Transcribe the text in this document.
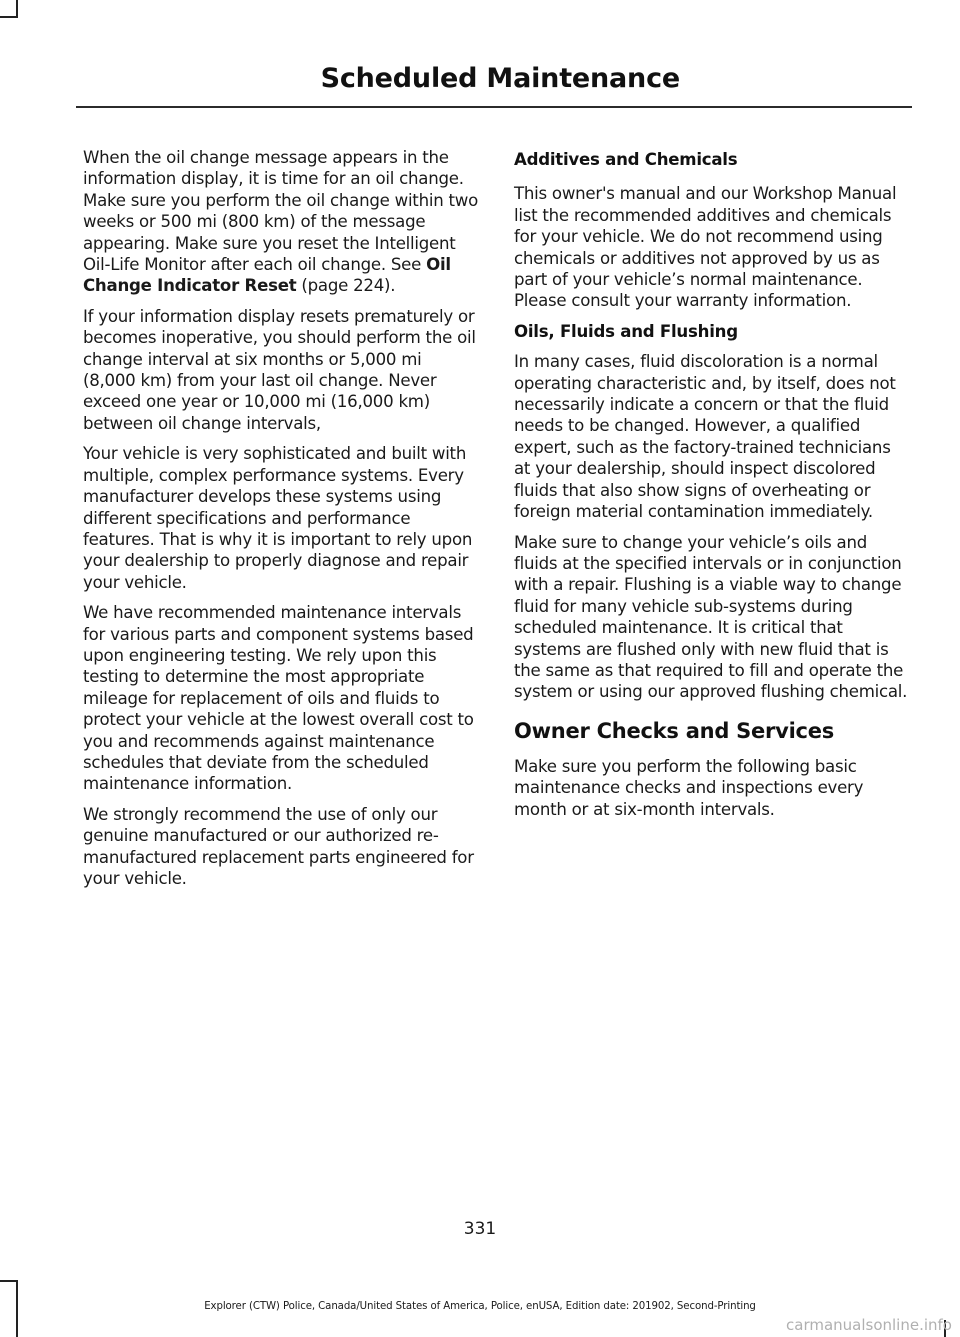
Scheduled Maintenance

When the oil change message appears in the information display, it is time for an oil change. Make sure you perform the oil change within two weeks or 500 mi (800 km) of the message appearing. Make sure you reset the Intelligent Oil-Life Monitor after each oil change. See Oil Change Indicator Reset (page 224).

If your information display resets prematurely or becomes inoperative, you should perform the oil change interval at six months or 5,000 mi (8,000 km) from your last oil change. Never exceed one year or 10,000 mi (16,000 km) between oil change intervals,

Your vehicle is very sophisticated and built with multiple, complex performance systems. Every manufacturer develops these systems using different specifications and performance features. That is why it is important to rely upon your dealership to properly diagnose and repair your vehicle.

We have recommended maintenance intervals for various parts and component systems based upon engineering testing. We rely upon this testing to determine the most appropriate mileage for replacement of oils and fluids to protect your vehicle at the lowest overall cost to you and recommends against maintenance schedules that deviate from the scheduled maintenance information.

We strongly recommend the use of only our genuine manufactured or our authorized re-manufactured replacement parts engineered for your vehicle.

Additives and Chemicals

This owner's manual and our Workshop Manual list the recommended additives and chemicals for your vehicle. We do not recommend using chemicals or additives not approved by us as part of your vehicle’s normal maintenance. Please consult your warranty information.

Oils, Fluids and Flushing

In many cases, fluid discoloration is a normal operating characteristic and, by itself, does not necessarily indicate a concern or that the fluid needs to be changed. However, a qualified expert, such as the factory-trained technicians at your dealership, should inspect discolored fluids that also show signs of overheating or foreign material contamination immediately.

Make sure to change your vehicle’s oils and fluids at the specified intervals or in conjunction with a repair. Flushing is a viable way to change fluid for many vehicle sub-systems during scheduled maintenance. It is critical that systems are flushed only with new fluid that is the same as that required to fill and operate the system or using our approved flushing chemical.

Owner Checks and Services

Make sure you perform the following basic maintenance checks and inspections every month or at six-month intervals.

331
Explorer (CTW) Police, Canada/United States of America, Police, enUSA, Edition date: 201902, Second-Printing
carmanualsonline.info
